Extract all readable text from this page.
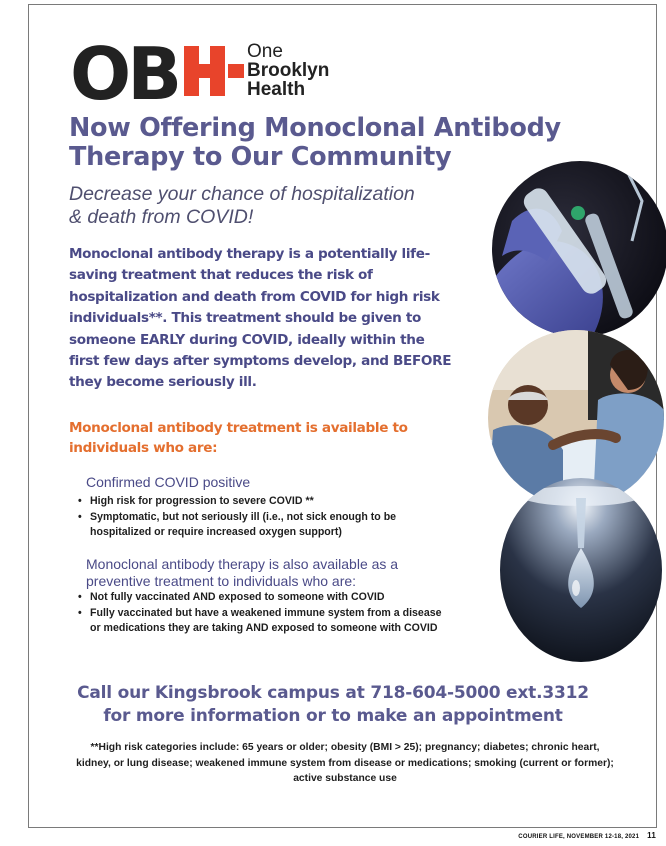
OB	One
Brooklyn
Health
Now Offering Monoclonal Antibody
Therapy to Our Community
Decrease your chance of hospitalization
& death from COVID!
Monoclonal antibody therapy is a potentially life-
saving treatment that reduces the risk of
hospitalization and death from COVID for high risk
individuals**. This treatment should be given to
someone EARLY during COVID, ideally within the
first few days after symptoms develop, and BEFORE
they become seriously ill.
Monoclonal antibody treatment is available to
individuals who are:
Confirmed COVID positive
• High risk for progression to severe COVID **
• Symptomatic, but not seriously ill (i.e., not sick enough to be
hospitalized or require increased oxygen support)
Monoclonal antibody therapy is also available as a
preventive treatment to individuals who are:
• Not fully vaccinated AND exposed to someone with COVID
• Fully vaccinated but have a weakened immune system from a disease
or medications they are taking AND exposed to someone with COVID
Call our Kingsbrook campus at 718-604-5000 ext.3312
for more information or to make an appointment
**High risk categories include: 65 years or older; obesity (BMI > 25); pregnancy; diabetes; chronic heart,
kidney, or lung disease; weakened immune system from disease or medications; smoking (current or former);
active substance use
COURIER LIFE, NOVEMBER 12-18, 2021 11
